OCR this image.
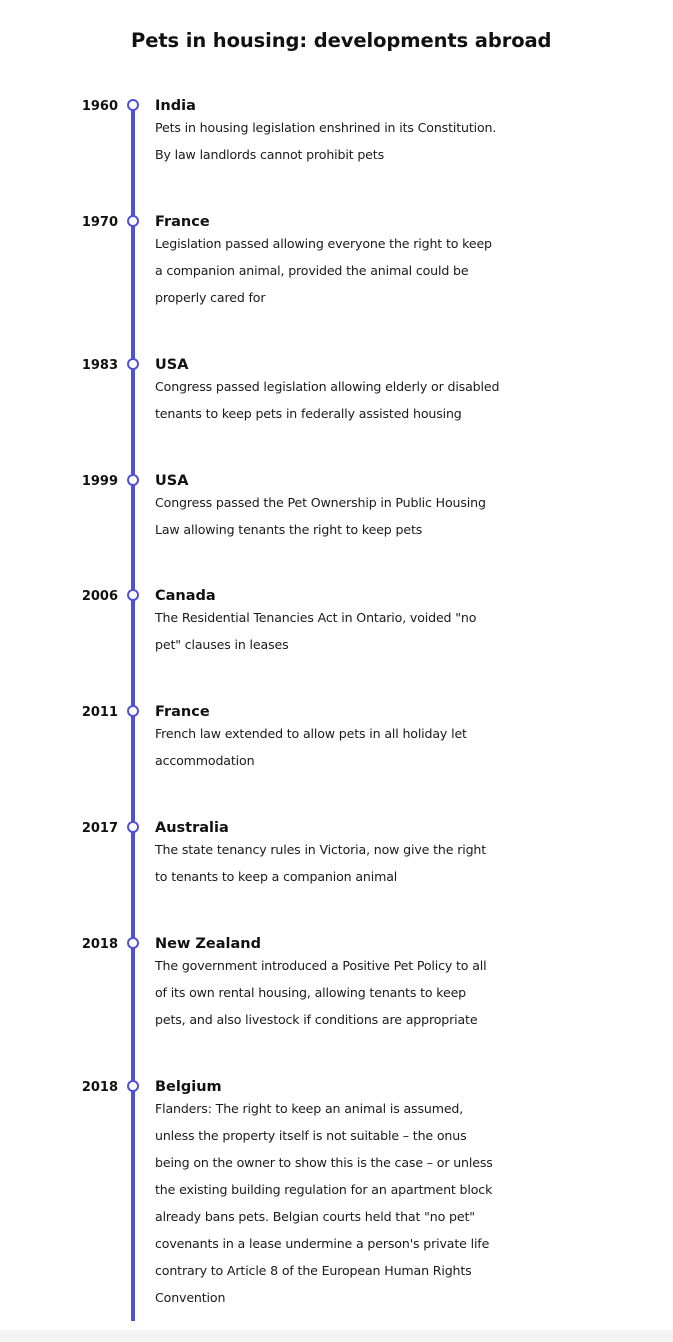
Pets in housing: developments abroad
1960	India

Pets in housing legislation enshrined in its Constitution. By law landlords cannot prohibit pets

1970	France

Legislation passed allowing everyone the right to keep a companion animal, provided the animal could be properly cared for

1983	USA

Congress passed legislation allowing elderly or disabled tenants to keep pets in federally assisted housing

1999	USA

Congress passed the Pet Ownership in Public Housing Law allowing tenants the right to keep pets

2006	Canada

The Residential Tenancies Act in Ontario, voided "no pet" clauses in leases

2011	France

French law extended to allow pets in all holiday let accommodation

2017	Australia

The state tenancy rules in Victoria, now give the right to tenants to keep a companion animal

2018	New Zealand

The government introduced a Positive Pet Policy to all of its own rental housing, allowing tenants to keep pets, and also livestock if conditions are appropriate

2018	Belgium

Flanders: The right to keep an animal is assumed, unless the property itself is not suitable – the onus being on the owner to show this is the case – or unless the existing building regulation for an apartment block already bans pets. Belgian courts held that "no pet" covenants in a lease undermine a person's private life contrary to Article 8 of the European Human Rights Convention
